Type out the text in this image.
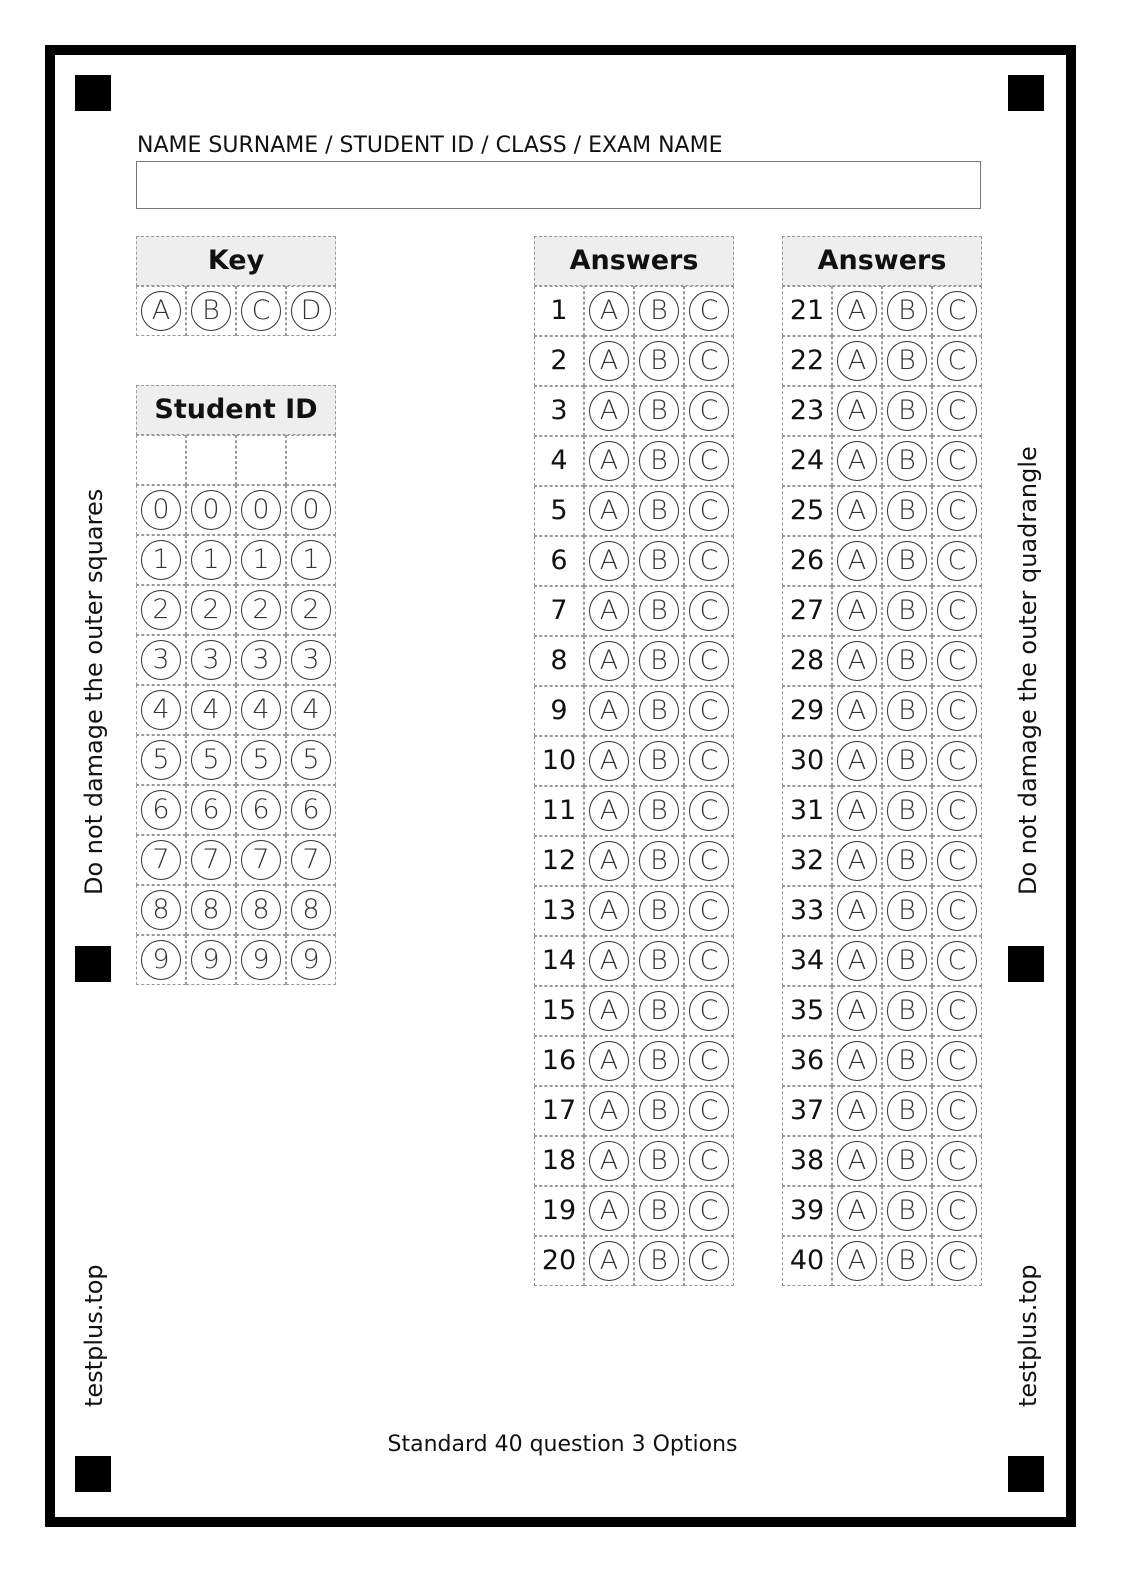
Do not damage the outer squares	Do not damage the outer quadrangle
testplus.top	testplus.top
NAME SURNAME / STUDENT ID / CLASS / EXAM NAME
Key
A	B	C	D
Student ID
0	0	0	0
1	1	1	1
2	2	2	2
3	3	3	3
4	4	4	4
5	5	5	5
6	6	6	6
7	7	7	7
8	8	8	8
9	9	9	9
Answers
1	A	B	C
2	A	B	C
3	A	B	C
4	A	B	C
5	A	B	C
6	A	B	C
7	A	B	C
8	A	B	C
9	A	B	C
10 A	B	C
11 A	B	C
12 A	B	C
13 A	B	C
14 A	B	C
15 A	B	C
16 A	B	C
17 A	B	C
18 A	B	C
19 A	B	C
20 A	B	C
Answers
21 A	B	C
22 A	B	C
23 A	B	C
24 A	B	C
25 A	B	C
26 A	B	C
27 A	B	C
28 A	B	C
29 A	B	C
30 A	B	C
31 A	B	C
32 A	B	C
33 A	B	C
34 A	B	C
35 A	B	C
36 A	B	C
37 A	B	C
38 A	B	C
39 A	B	C
40 A	B	C
Standard 40 question 3 Options
